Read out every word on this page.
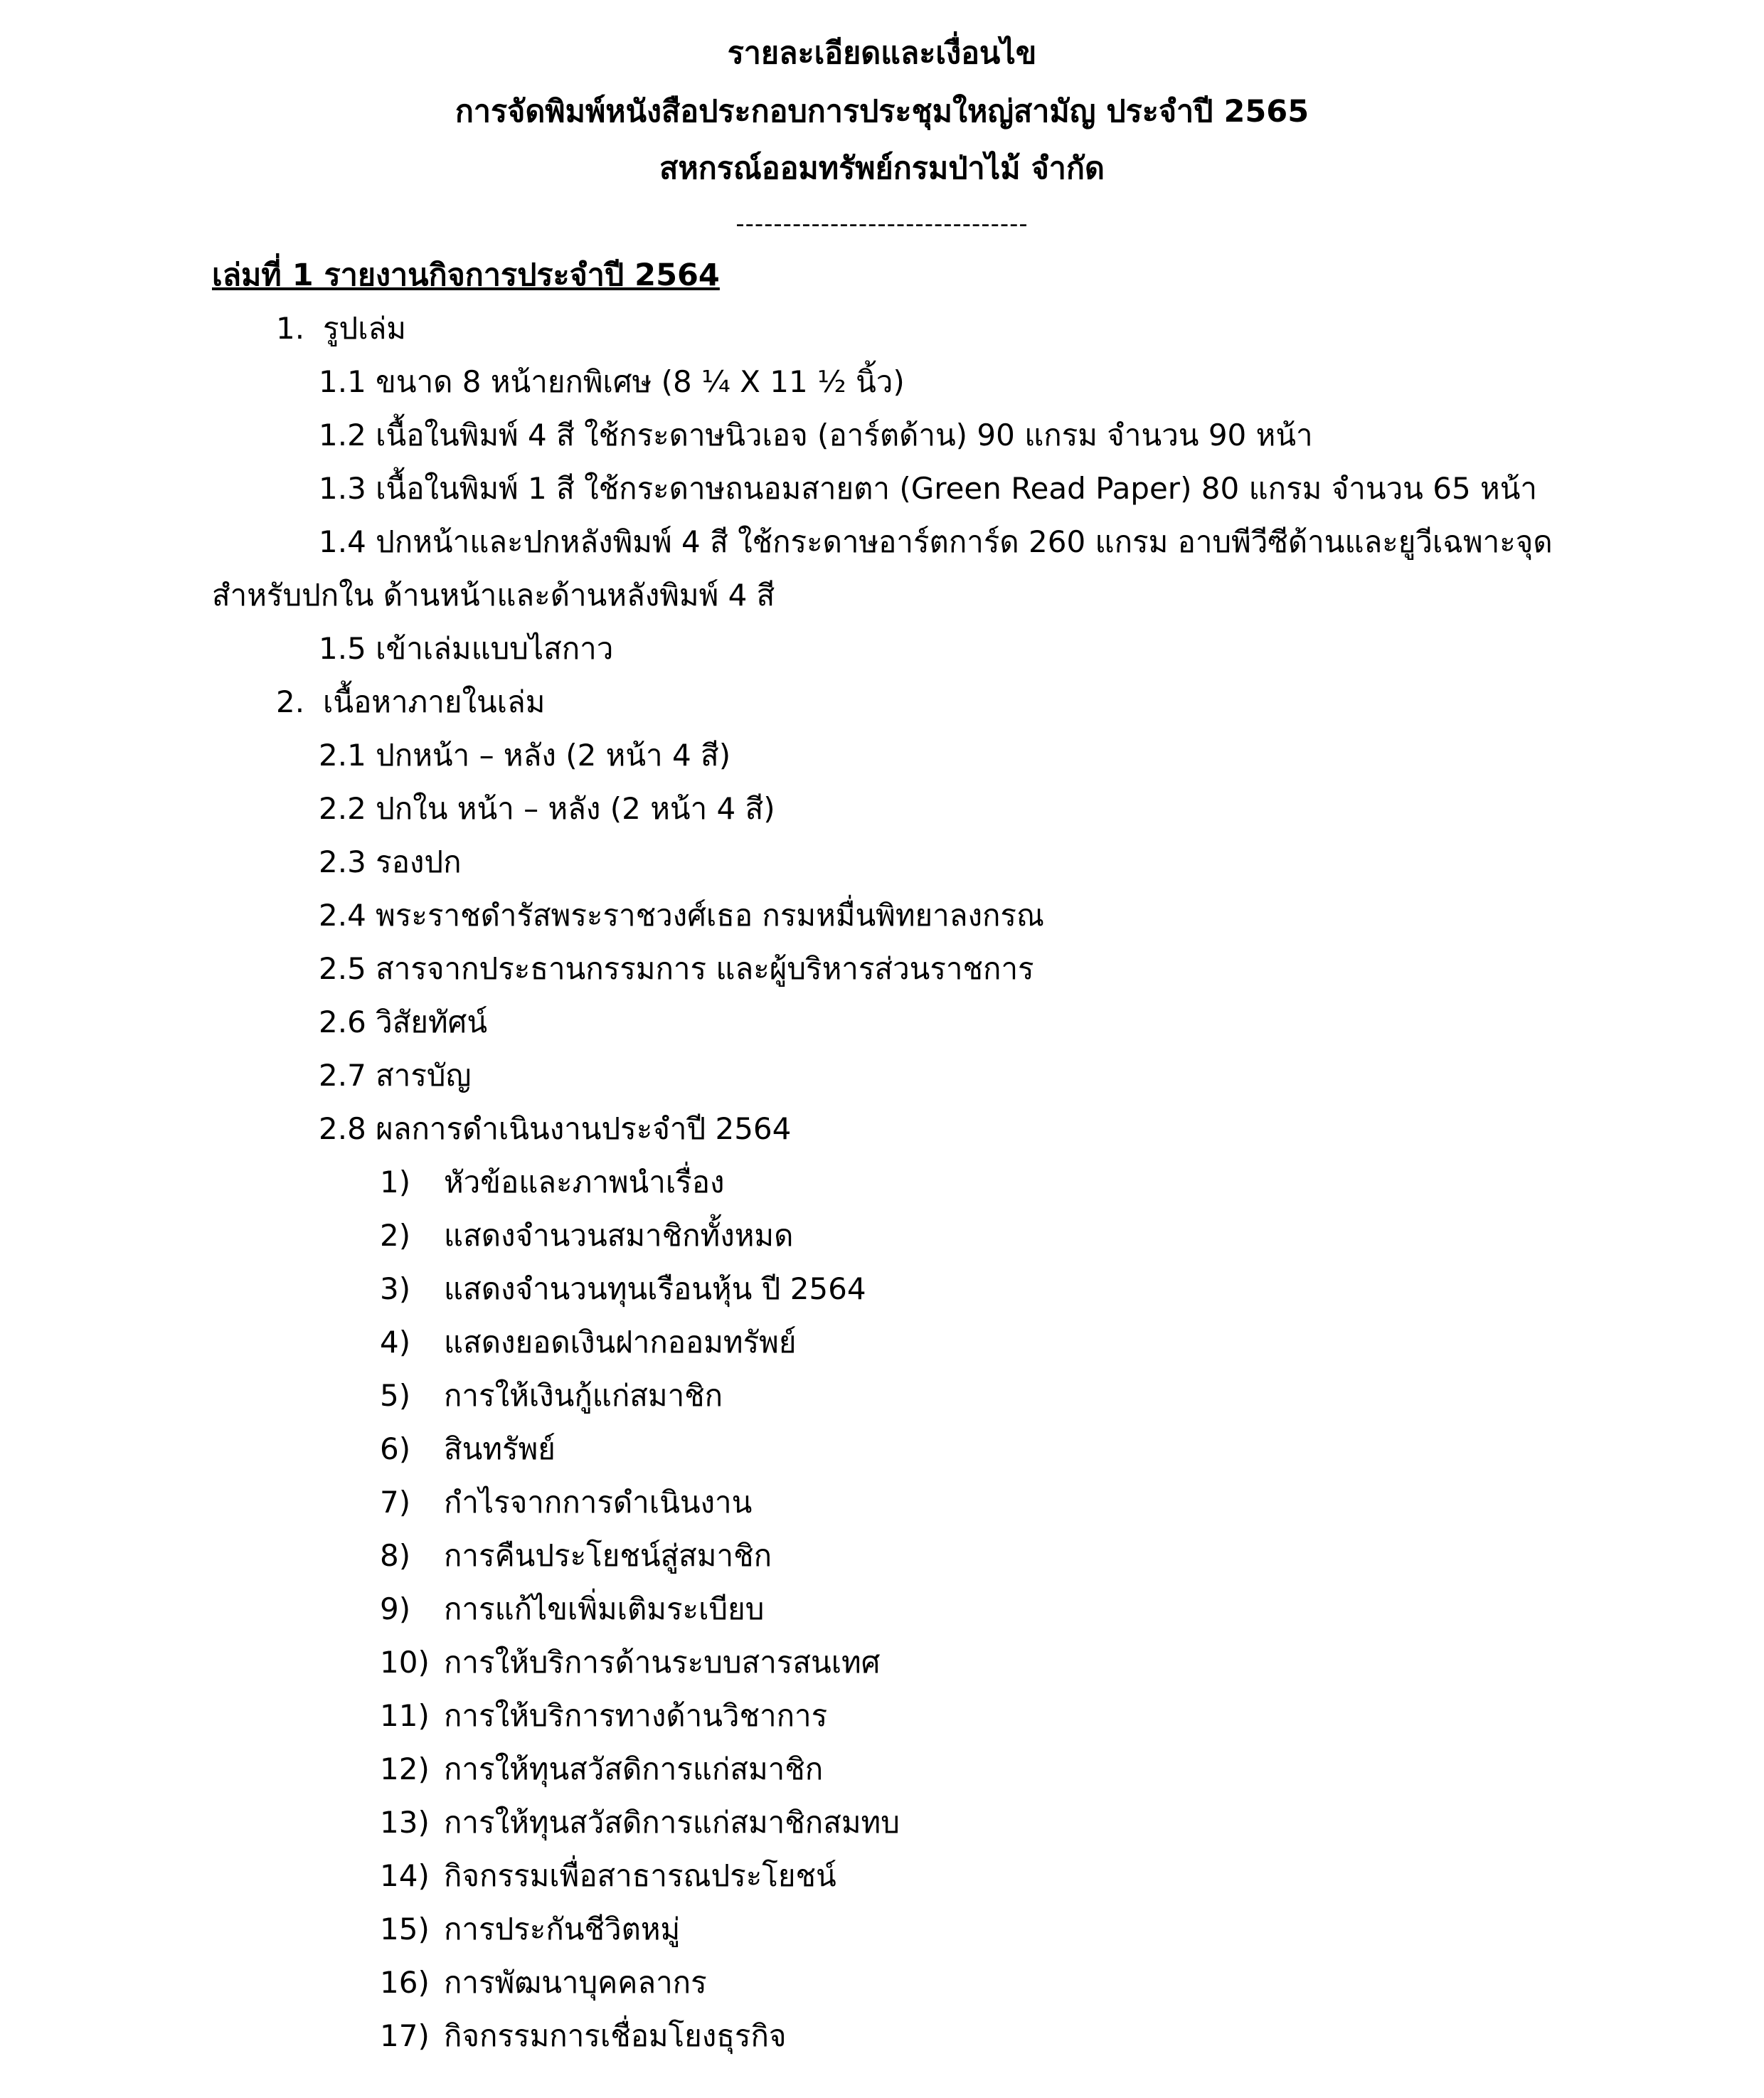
รายละเอียดและเงื่อนไข
การจัดพิมพ์หนังสือประกอบการประชุมใหญ่สามัญ ประจำปี 2565
สหกรณ์ออมทรัพย์กรมป่าไม้ จำกัด
-------------------------------
เล่มที่ 1 รายงานกิจการประจำปี 2564
1. รูปเล่ม
1.1 ขนาด 8 หน้ายกพิเศษ (8 ¼ X 11 ½ นิ้ว)
1.2 เนื้อในพิมพ์ 4 สี ใช้กระดาษนิวเอจ (อาร์ตด้าน) 90 แกรม จำนวน 90 หน้า
1.3 เนื้อในพิมพ์ 1 สี ใช้กระดาษถนอมสายตา (Green Read Paper) 80 แกรม จำนวน 65 หน้า
1.4 ปกหน้าและปกหลังพิมพ์ 4 สี ใช้กระดาษอาร์ตการ์ด 260 แกรม อาบพีวีซีด้านและยูวีเฉพาะจุด
สำหรับปกใน ด้านหน้าและด้านหลังพิมพ์ 4 สี
1.5 เข้าเล่มแบบไสกาว
2. เนื้อหาภายในเล่ม
2.1 ปกหน้า – หลัง (2 หน้า 4 สี)
2.2 ปกใน หน้า – หลัง (2 หน้า 4 สี)
2.3 รองปก
2.4 พระราชดำรัสพระราชวงศ์เธอ กรมหมื่นพิทยาลงกรณ
2.5 สารจากประธานกรรมการ และผู้บริหารส่วนราชการ
2.6 วิสัยทัศน์
2.7 สารบัญ
2.8 ผลการดำเนินงานประจำปี 2564
1) หัวข้อและภาพนำเรื่อง
2) แสดงจำนวนสมาชิกทั้งหมด
3) แสดงจำนวนทุนเรือนหุ้น ปี 2564
4) แสดงยอดเงินฝากออมทรัพย์
5) การให้เงินกู้แก่สมาชิก
6) สินทรัพย์
7) กำไรจากการดำเนินงาน
8) การคืนประโยชน์สู่สมาชิก
9) การแก้ไขเพิ่มเติมระเบียบ
10) การให้บริการด้านระบบสารสนเทศ
11) การให้บริการทางด้านวิชาการ
12) การให้ทุนสวัสดิการแก่สมาชิก
13) การให้ทุนสวัสดิการแก่สมาชิกสมทบ
14) กิจกรรมเพื่อสาธารณประโยชน์
15) การประกันชีวิตหมู่
16) การพัฒนาบุคคลากร
17) กิจกรรมการเชื่อมโยงธุรกิจ
